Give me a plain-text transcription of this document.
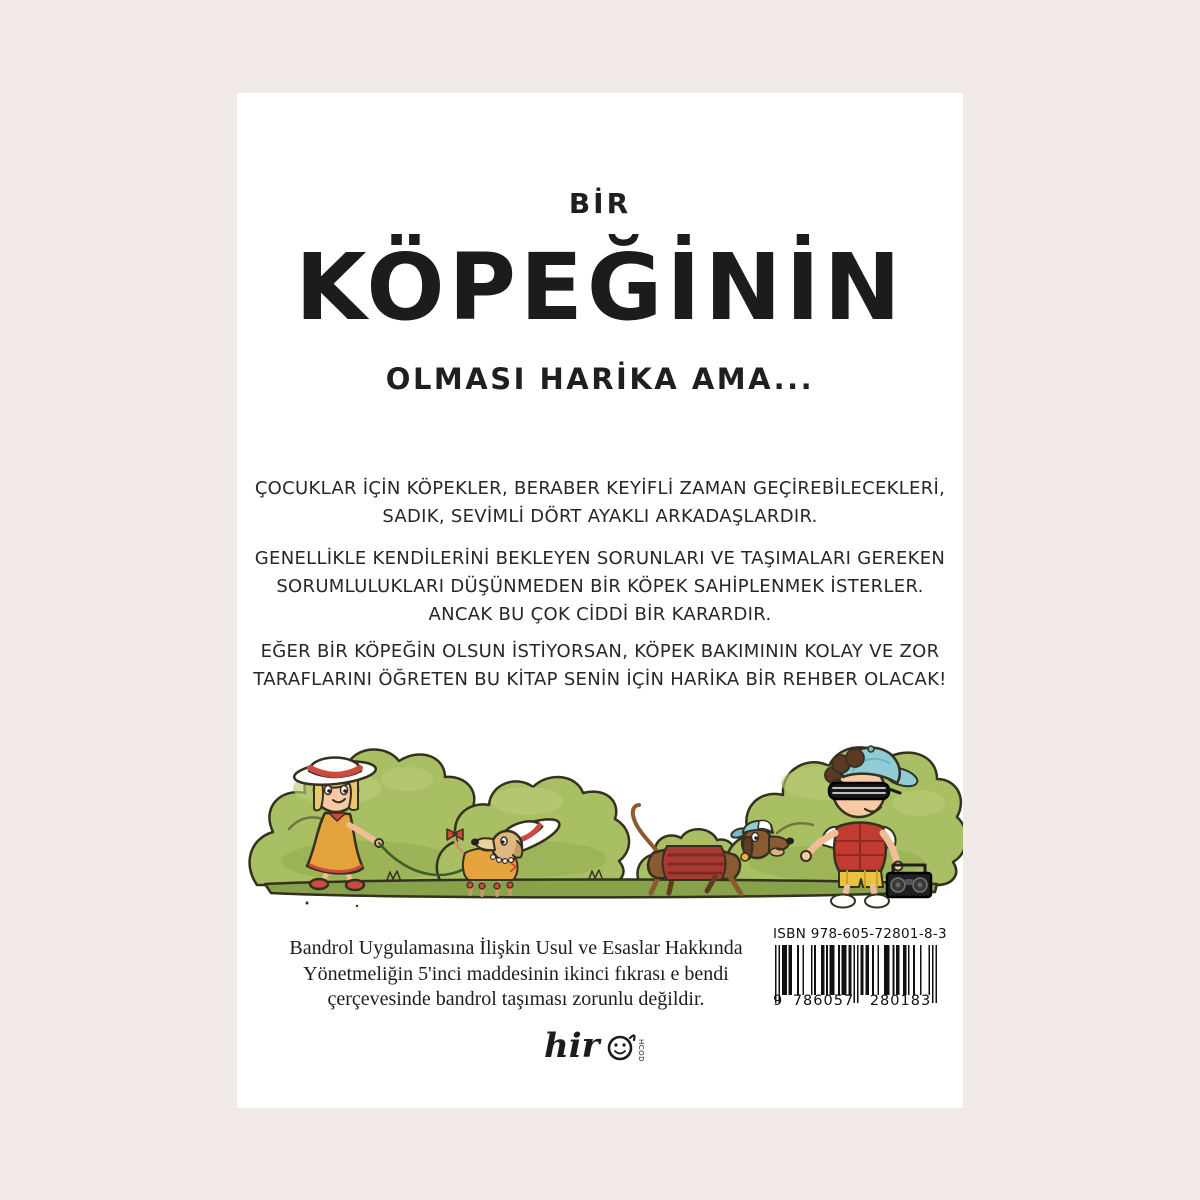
BİR
KÖPEĞİNİN
OLMASI HARİKA AMA...
ÇOCUKLAR İÇİN KÖPEKLER, BERABER KEYİFLİ ZAMAN GEÇİREBİLECEKLERİ,
SADIK, SEVİMLİ DÖRT AYAKLI ARKADAŞLARDIR.
GENELLİKLE KENDİLERİNİ BEKLEYEN SORUNLARI VE TAŞIMALARI GEREKEN
SORUMLULUKLARI DÜŞÜNMEDEN BİR KÖPEK SAHİPLENMEK İSTERLER.
ANCAK BU ÇOK CİDDİ BİR KARARDIR.
EĞER BİR KÖPEĞİN OLSUN İSTİYORSAN, KÖPEK BAKIMININ KOLAY VE ZOR
TARAFLARINI ÖĞRETEN BU KİTAP SENİN İÇİN HARİKA BİR REHBER OLACAK!
Bandrol Uygulamasına İlişkin Usul ve Esaslar Hakkında
Yönetmeliğin 5'inci maddesinin ikinci fıkrası e bendi
çerçevesinde bandrol taşıması zorunlu değildir.
ISBN 978-605-72801-8-3
9 786057	280183
hir	HCOD
